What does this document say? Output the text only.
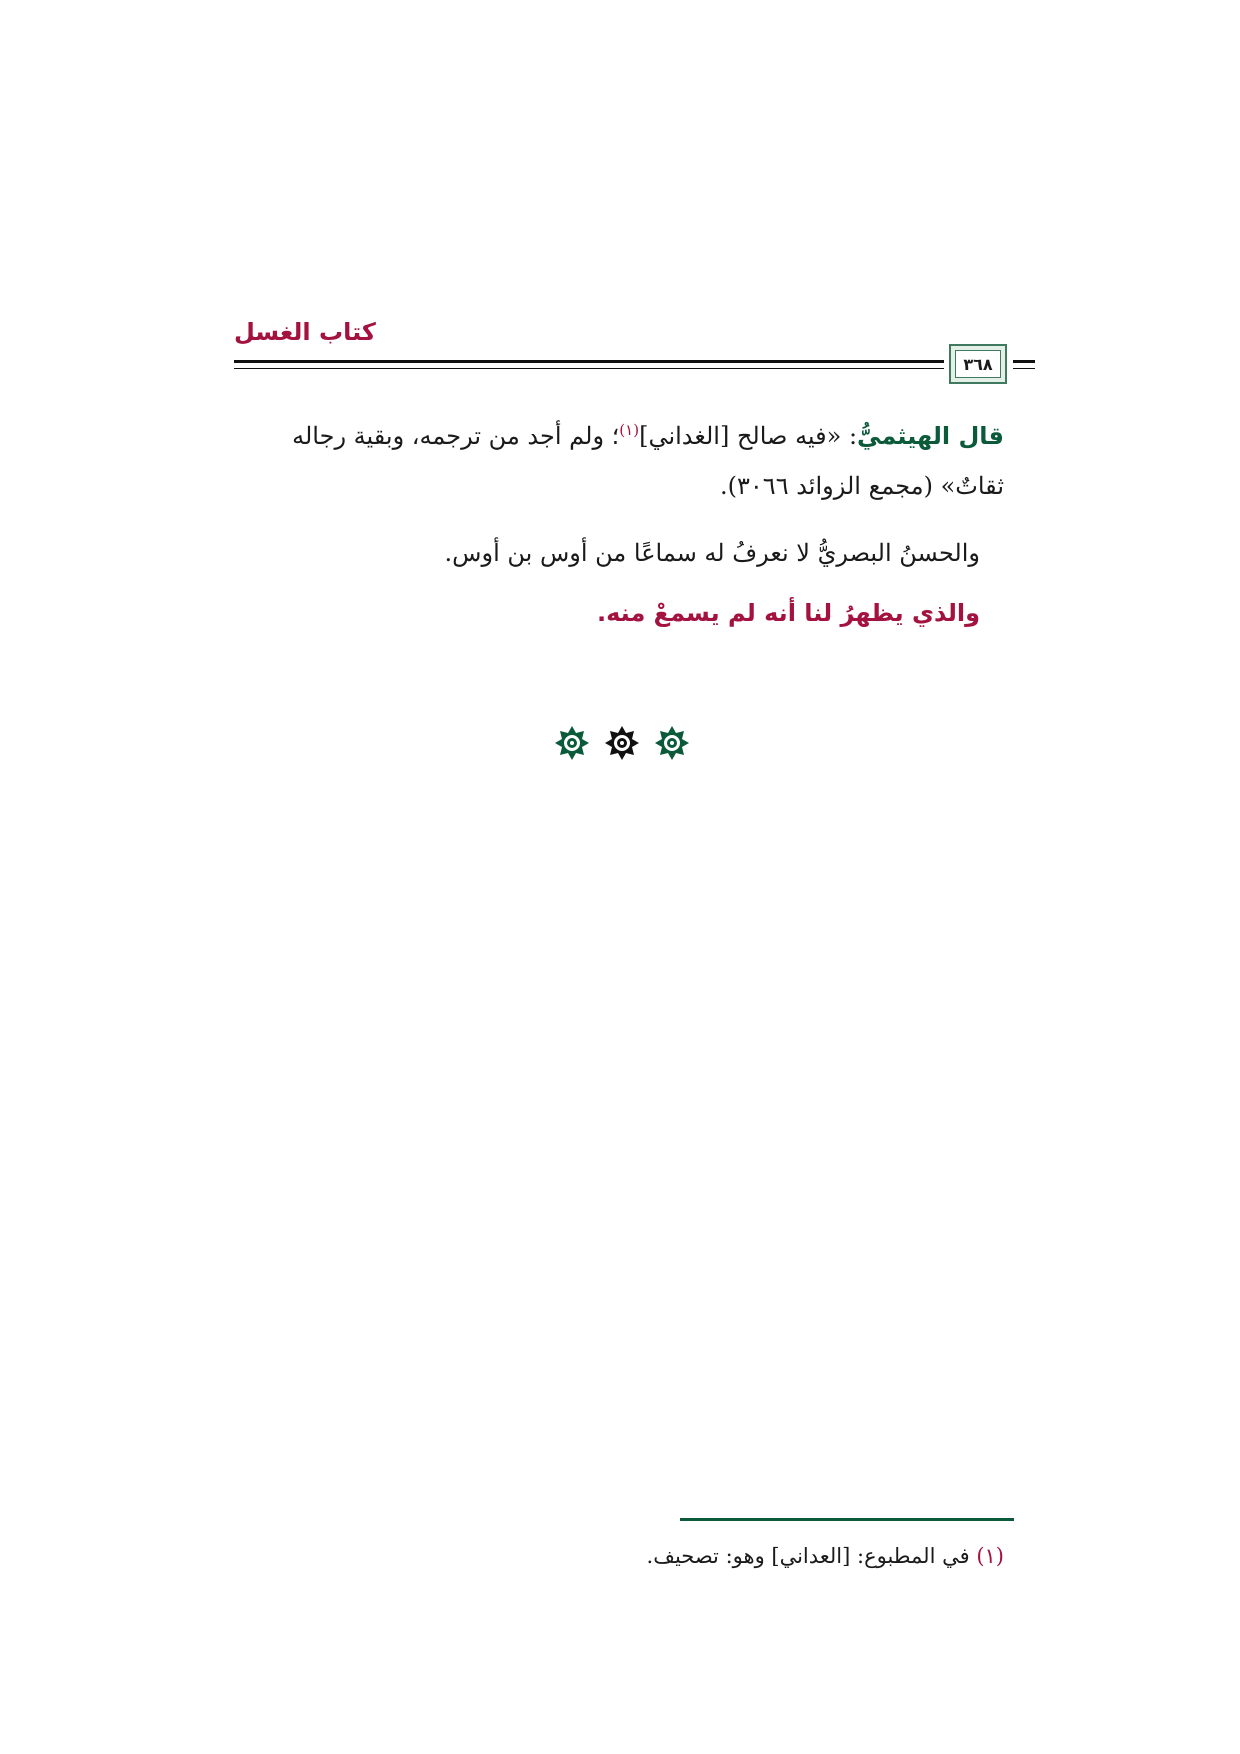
كتاب الغسل
٣٦٨

قال الهيثميُّ: «فيه صالح [الغداني]$^{(١)}$؛ ولم أجد من ترجمه، وبقية رجاله ثقاتٌ» (مجمع الزوائد ٣٠٦٦).

والحسنُ البصريُّ لا نعرفُ له سماعًا من أوس بن أوس.

والذي يظهرُ لنا أنه لم يسمعْ منه.

(١) في المطبوع: [العداني] وهو: تصحيف.
